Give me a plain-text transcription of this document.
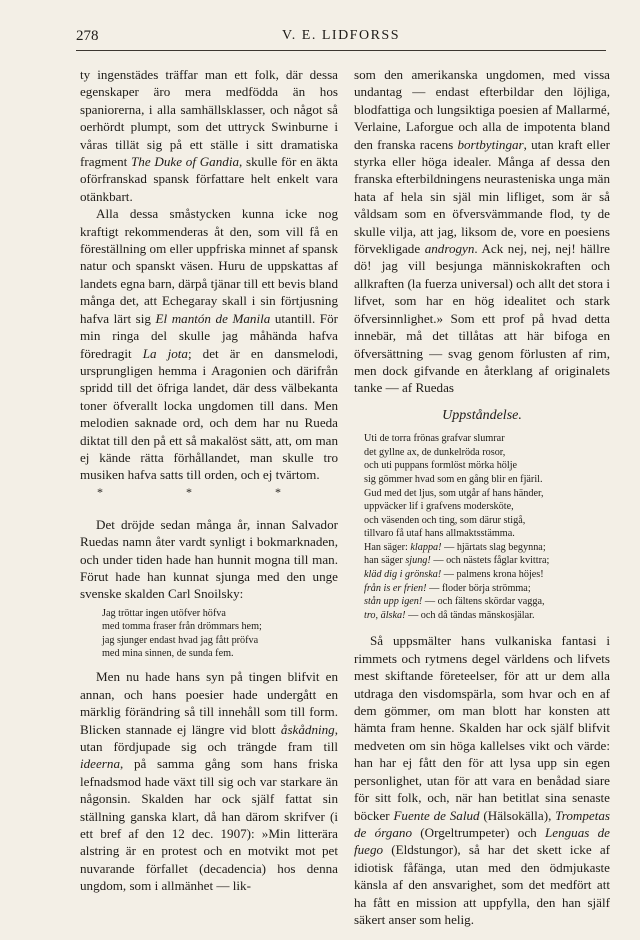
278	V. E. LIDFORSS

ty ingenstädes träffar man ett folk, där dessa egenskaper äro mera medfödda än hos spaniorerna, i alla samhällsklasser, och något så oerhördt plumpt, som det uttryck Swinburne i våras tillät sig på ett ställe i sitt dramatiska fragment The Duke of Gandia, skulle för en äkta oförfranskad spansk författare helt enkelt vara otänkbart.

Alla dessa småstycken kunna icke nog kraftigt rekommenderas åt den, som vill få en föreställning om eller uppfriska minnet af spansk natur och spanskt väsen. Huru de uppskattas af landets egna barn, därpå tjänar till ett bevis bland många det, att Echegaray skall i sin förtjusning hafva lärt sig El mantón de Manila utantill. För min ringa del skulle jag måhända hafva föredragit La jota; det är en dansmelodi, ursprungligen hemma i Aragonien och därifrån spridd till det öfriga landet, där dess välbekanta toner öfverallt locka ungdomen till dans. Men melodien saknade ord, och dem har nu Rueda diktat till den på ett så makalöst sätt, att, om man ej kände rätta förhållandet, man skulle tro musiken hafva satts till orden, och ej tvärtom.

* * *

Det dröjde sedan många år, innan Salvador Ruedas namn åter vardt synligt i bokmarknaden, och under tiden hade han hunnit mogna till man. Förut hade han kunnat sjunga med den unge svenske skalden Carl Snoilsky:

Jag tröttar ingen utöfver höfva
med tomma fraser från drömmars hem;
jag sjunger endast hvad jag fått pröfva
med mina sinnen, de sunda fem.

Men nu hade hans syn på tingen blifvit en annan, och hans poesier hade undergått en märklig förändring så till innehåll som till form. Blicken stannade ej längre vid blott åskådning, utan fördjupade sig och trängde fram till ideerna, på samma gång som hans friska lefnadsmod hade växt till sig och var starkare än någonsin. Skalden har ock själf fattat sin ställning ganska klart, då han därom skrifver (i ett bref af den 12 dec. 1907): »Min litterära alstring är en protest och en motvikt mot pet nuvarande förfallet (decadencia) hos denna ungdom, som i allmänhet — lik-

som den amerikanska ungdomen, med vissa undantag — endast efterbildar den löjliga, blodfattiga och lungsiktiga poesien af Mallarmé, Verlaine, Laforgue och alla de impotenta bland den franska racens bortbytingar, utan kraft eller styrka eller höga idealer. Många af dessa den franska efterbildningens neurasteniska unga män hata af hela sin själ min lifliget, som är så våldsam som en öfversvämmande flod, ty de skulle vilja, att jag, liksom de, vore en poesiens förvekligade androgyn. Ack nej, nej, nej! hällre dö! jag vill besjunga människokraften och allkraften (la fuerza universal) och allt det stora i lifvet, som har en hög idealitet och stark öfversinnlighet.» Som ett prof på hvad detta innebär, må det tillåtas att här bifoga en öfversättning — svag genom förlusten af rim, men dock gifvande en återklang af originalets tanke — af Ruedas

Uppståndelse.
Uti de torra frönas grafvar slumrar
det gyllne ax, de dunkelröda rosor,
och uti puppans formlöst mörka hölje
sig gömmer hvad som en gång blir en fjäril.
Gud med det ljus, som utgår af hans händer,
uppväcker lif i grafvens modersköte,
och väsenden och ting, som därur stigå,
tillvaro få utaf hans allmaktsstämma.
Han säger: klappa! — hjärtats slag begynna;
han säger sjung! — och nästets fåglar kvittra;
kläd dig i grönska! — palmens krona höjes!
från is er frien! — floder börja strömma;
stån upp igen! — och fältens skördar vagga,
tro, älska! — och då tändas mänskosjälar.

Så uppsmälter hans vulkaniska fantasi i rimmets och rytmens degel världens och lifvets mest skiftande företeelser, för att ur dem alla utdraga den visdomspärla, som hvar och en af dem gömmer, om man blott har konsten att hämta fram henne. Skalden har ock själf blifvit medveten om sin höga kallelses vikt och värde: han har ej fått den för att lysa upp sin egen personlighet, utan för att vara en benådad siare för sitt folk, och, när han betitlat sina senaste böcker Fuente de Salud (Hälsokälla), Trompetas de órgano (Orgeltrumpeter) och Lenguas de fuego (Eldstungor), så har det skett icke af idiotisk fåfänga, utan med den ödmjukaste känsla af den ansvarighet, som det medfört att ha fått en mission att uppfylla, den han själf säkert anser som helig.
